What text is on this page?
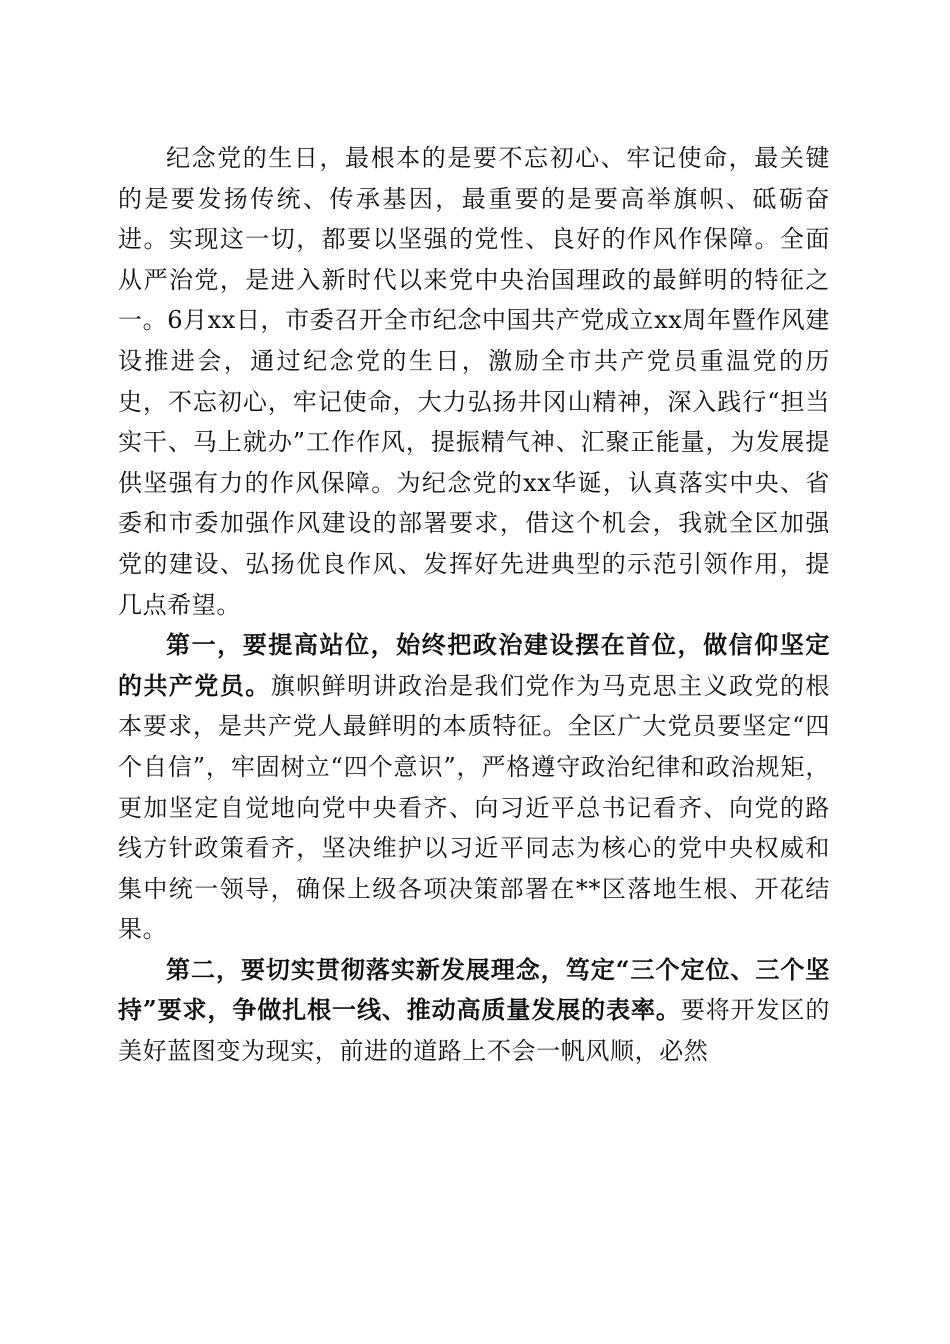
纪念党的生日，最根本的是要不忘初心、牢记使命，最关键的是要发扬传统、传承基因，最重要的是要高举旗帜、砥砺奋进。实现这一切，都要以坚强的党性、良好的作风作保障。全面从严治党，是进入新时代以来党中央治国理政的最鲜明的特征之一。6月xx日，市委召开全市纪念中国共产党成立xx周年暨作风建设推进会，通过纪念党的生日，激励全市共产党员重温党的历史，不忘初心，牢记使命，大力弘扬井冈山精神，深入践行“担当实干、马上就办”工作作风，提振精气神、汇聚正能量，为发展提供坚强有力的作风保障。为纪念党的xx华诞，认真落实中央、省委和市委加强作风建设的部署要求，借这个机会，我就全区加强党的建设、弘扬优良作风、发挥好先进典型的示范引领作用，提几点希望。

第一，要提高站位，始终把政治建设摆在首位，做信仰坚定的共产党员。旗帜鲜明讲政治是我们党作为马克思主义政党的根本要求，是共产党人最鲜明的本质特征。全区广大党员要坚定“四个自信”，牢固树立“四个意识”，严格遵守政治纪律和政治规矩，更加坚定自觉地向党中央看齐、向习近平总书记看齐、向党的路线方针政策看齐，坚决维护以习近平同志为核心的党中央权威和集中统一领导，确保上级各项决策部署在**区落地生根、开花结果。

第二，要切实贯彻落实新发展理念，笃定“三个定位、三个坚持”要求，争做扎根一线、推动高质量发展的表率。要将开发区的美好蓝图变为现实，前进的道路上不会一帆风顺，必然
